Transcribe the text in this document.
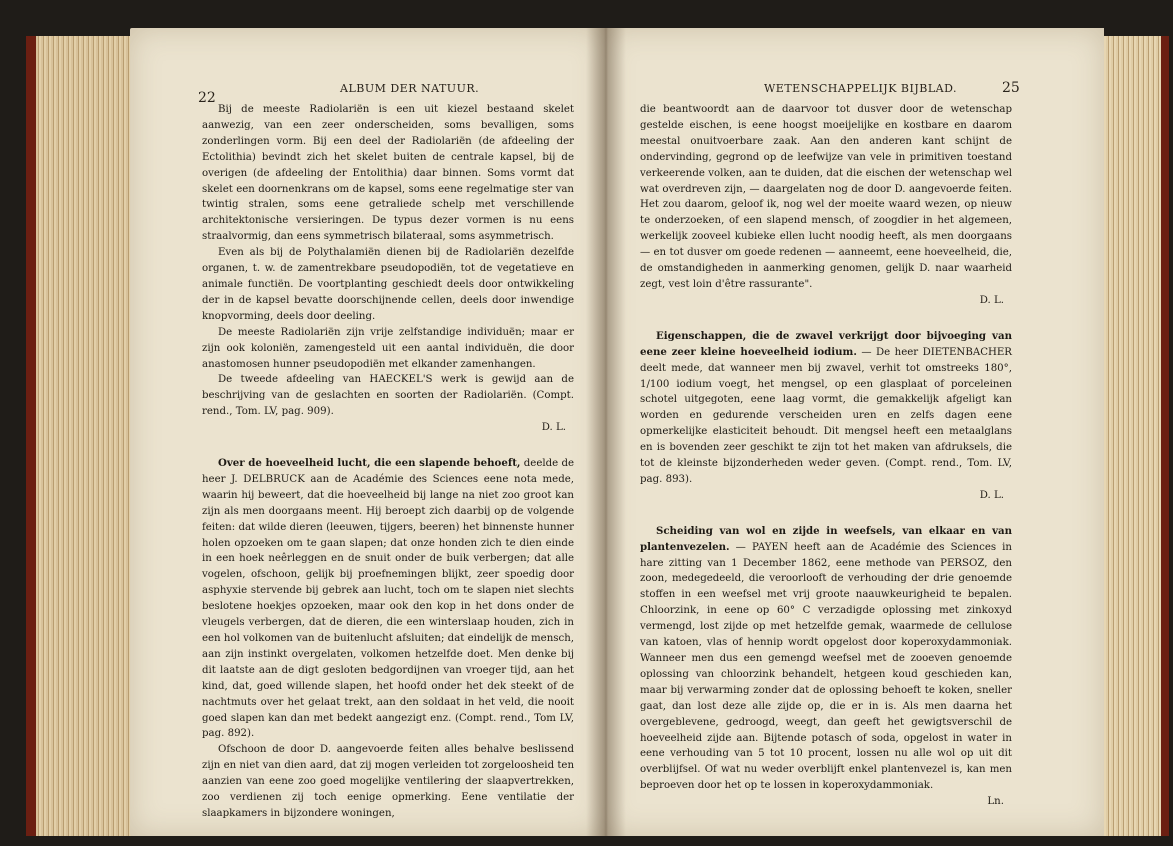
22
ALBUM DER NATUUR.

Bij de meeste Radiolariën is een uit kiezel bestaand skelet aanwezig, van een zeer onderscheiden, soms bevalligen, soms zonderlingen vorm. Bij een deel der Radiolariën (de afdeeling der Ectolithia) bevindt zich het skelet buiten de centrale kapsel, bij de overigen (de afdeeling der Entolithia) daar binnen. Soms vormt dat skelet een doornenkrans om de kapsel, soms eene regelmatige ster van twintig stralen, soms eene getraliede schelp met verschillende architektonische versieringen. De typus dezer vormen is nu eens straalvormig, dan eens symmetrisch bilateraal, soms asymmetrisch.

Even als bij de Polythalamiën dienen bij de Radiolariën dezelfde organen, t. w. de zamentrekbare pseudopodiën, tot de vegetatieve en animale functiën. De voortplanting geschiedt deels door ontwikkeling der in de kapsel bevatte doorschijnende cellen, deels door inwendige knopvorming, deels door deeling.

De meeste Radiolariën zijn vrije zelfstandige individuën; maar er zijn ook koloniën, zamengesteld uit een aantal individuën, die door anastomosen hunner pseudopodiën met elkander zamenhangen.

De tweede afdeeling van HAECKEL'S werk is gewijd aan de beschrijving van de geslachten en soorten der Radiolariën. (Compt. rend., Tom. LV, pag. 909).

D. L.

Over de hoeveelheid lucht, die een slapende behoeft, deelde de heer J. DELBRUCK aan de Académie des Sciences eene nota mede, waarin hij beweert, dat die hoeveelheid bij lange na niet zoo groot kan zijn als men doorgaans meent. Hij beroept zich daarbij op de volgende feiten: dat wilde dieren (leeuwen, tijgers, beeren) het binnenste hunner holen opzoeken om te gaan slapen; dat onze honden zich te dien einde in een hoek neêrleggen en de snuit onder de buik verbergen; dat alle vogelen, ofschoon, gelijk bij proefnemingen blijkt, zeer spoedig door asphyxie stervende bij gebrek aan lucht, toch om te slapen niet slechts beslotene hoekjes opzoeken, maar ook den kop in het dons onder de vleugels verbergen, dat de dieren, die een winterslaap houden, zich in een hol volkomen van de buitenlucht afsluiten; dat eindelijk de mensch, aan zijn instinkt overgelaten, volkomen hetzelfde doet. Men denke bij dit laatste aan de digt gesloten bedgordijnen van vroeger tijd, aan het kind, dat, goed willende slapen, het hoofd onder het dek steekt of de nachtmuts over het gelaat trekt, aan den soldaat in het veld, die nooit goed slapen kan dan met bedekt aangezigt enz. (Compt. rend., Tom LV, pag. 892).

Ofschoon de door D. aangevoerde feiten alles behalve beslissend zijn en niet van dien aard, dat zij mogen verleiden tot zorgeloosheid ten aanzien van eene zoo goed mogelijke ventilering der slaapvertrekken, zoo verdienen zij toch eenige opmerking. Eene ventilatie der slaapkamers in bijzondere woningen,

WETENSCHAPPELIJK BIJBLAD.	25

die beantwoordt aan de daarvoor tot dusver door de wetenschap gestelde eischen, is eene hoogst moeijelijke en kostbare en daarom meestal onuitvoerbare zaak. Aan den anderen kant schijnt de ondervinding, gegrond op de leefwijze van vele in primitiven toestand verkeerende volken, aan te duiden, dat die eischen der wetenschap wel wat overdreven zijn, — daargelaten nog de door D. aangevoerde feiten. Het zou daarom, geloof ik, nog wel der moeite waard wezen, op nieuw te onderzoeken, of een slapend mensch, of zoogdier in het algemeen, werkelijk zooveel kubieke ellen lucht noodig heeft, als men doorgaans — en tot dusver om goede redenen — aanneemt, eene hoeveelheid, die, de omstandigheden in aanmerking genomen, gelijk D. naar waarheid zegt, vest loin d'être rassurante".

D. L.

Eigenschappen, die de zwavel verkrijgt door bijvoeging van eene zeer kleine hoeveelheid iodium. — De heer DIETENBACHER deelt mede, dat wanneer men bij zwavel, verhit tot omstreeks 180°, 1/100 iodium voegt, het mengsel, op een glasplaat of porceleinen schotel uitgegoten, eene laag vormt, die gemakkelijk afgeligt kan worden en gedurende verscheiden uren en zelfs dagen eene opmerkelijke elasticiteit behoudt. Dit mengsel heeft een metaalglans en is bovenden zeer geschikt te zijn tot het maken van afdruksels, die tot de kleinste bijzonderheden weder geven. (Compt. rend., Tom. LV, pag. 893).

D. L.

Scheiding van wol en zijde in weefsels, van elkaar en van plantenvezelen. — PAYEN heeft aan de Académie des Sciences in hare zitting van 1 December 1862, eene methode van PERSOZ, den zoon, medegedeeld, die veroorlooft de verhouding der drie genoemde stoffen in een weefsel met vrij groote naauwkeurigheid te bepalen. Chloorzink, in eene op 60° C verzadigde oplossing met zinkoxyd vermengd, lost zijde op met hetzelfde gemak, waarmede de cellulose van katoen, vlas of hennip wordt opgelost door koperoxydammoniak. Wanneer men dus een gemengd weefsel met de zooeven genoemde oplossing van chloorzink behandelt, hetgeen koud geschieden kan, maar bij verwarming zonder dat de oplossing behoeft te koken, sneller gaat, dan lost deze alle zijde op, die er in is. Als men daarna het overgeblevene, gedroogd, weegt, dan geeft het gewigtsverschil de hoeveelheid zijde aan. Bijtende potasch of soda, opgelost in water in eene verhouding van 5 tot 10 procent, lossen nu alle wol op uit dit overblijfsel. Of wat nu weder overblijft enkel plantenvezel is, kan men beproeven door het op te lossen in koperoxydammoniak.

Ln.
